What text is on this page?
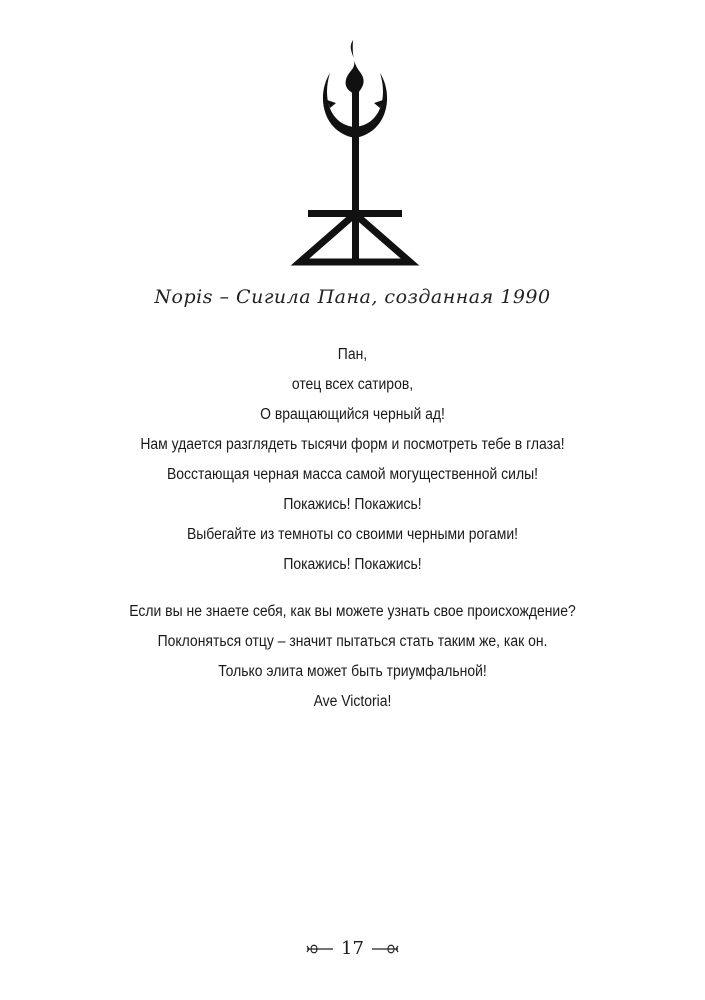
Nopis – Сигила Пана, созданная 1990
Пан,
отец всех сатиров,
О вращающийся черный ад!
Нам удается разглядеть тысячи форм и посмотреть тебе в глаза!
Восстающая черная масса самой могущественной силы!
Покажись! Покажись!
Выбегайте из темноты со своими черными рогами!
Покажись! Покажись!
Если вы не знаете себя, как вы можете узнать свое происхождение?
Поклоняться отцу – значит пытаться стать таким же, как он.
Только элита может быть триумфальной!
Ave Victoria!
17
